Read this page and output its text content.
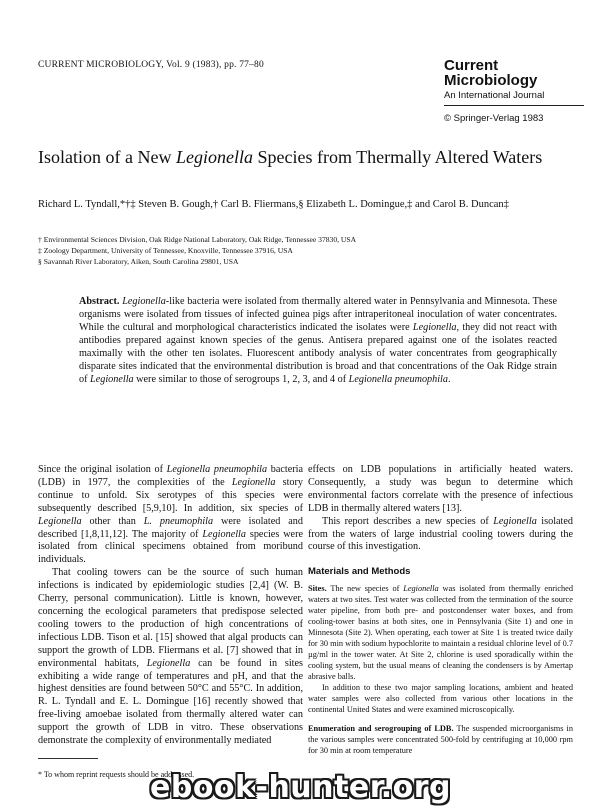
CURRENT MICROBIOLOGY, Vol. 9 (1983), pp. 77–80	Current
Microbiology
An International Journal
© Springer-Verlag 1983
Isolation of a New Legionella Species from Thermally Altered Waters
Richard L. Tyndall,*†‡ Steven B. Gough,† Carl B. Fliermans,§ Elizabeth L. Domingue,‡ and Carol B. Duncan‡
† Environmental Sciences Division, Oak Ridge National Laboratory, Oak Ridge, Tennessee 37830, USA
‡ Zoology Department, University of Tennessee, Knoxville, Tennessee 37916, USA
§ Savannah River Laboratory, Aiken, South Carolina 29801, USA
Abstract. Legionella-like bacteria were isolated from thermally altered water in Pennsylvania and Minnesota. These organisms were isolated from tissues of infected guinea pigs after intraperitoneal inoculation of water concentrates. While the cultural and morphological characteristics indicated the isolates were Legionella, they did not react with antibodies prepared against known species of the genus. Antisera prepared against one of the isolates reacted maximally with the other ten isolates. Fluorescent antibody analysis of water concentrates from geographically disparate sites indicated that the environmental distribution is broad and that concentrations of the Oak Ridge strain of Legionella were similar to those of serogroups 1, 2, 3, and 4 of Legionella pneumophila.

Since the original isolation of Legionella pneumophila bacteria (LDB) in 1977, the complexities of the Legionella story continue to unfold. Six serotypes of this species were subsequently described [5,9,10]. In addition, six species of Legionella other than L. pneumophila were isolated and described [1,8,11,12]. The majority of Legionella species were isolated from clinical specimens obtained from moribund individuals.

That cooling towers can be the source of such human infections is indicated by epidemiologic studies [2,4] (W. B. Cherry, personal communication). Little is known, however, concerning the ecological parameters that predispose selected cooling towers to the production of high concentrations of infectious LDB. Tison et al. [15] showed that algal products can support the growth of LDB. Fliermans et al. [7] showed that in environmental habitats, Legionella can be found in sites exhibiting a wide range of temperatures and pH, and that the highest densities are found between 50°C and 55°C. In addition, R. L. Tyndall and E. L. Domingue [16] recently showed that free-living amoebae isolated from thermally altered water can support the growth of LDB in vitro. These observations demonstrate the complexity of environmentally mediated

effects on LDB populations in artificially heated waters. Consequently, a study was begun to determine which environmental factors correlate with the presence of infectious LDB in thermally altered waters [13].

This report describes a new species of Legionella isolated from the waters of large industrial cooling towers during the course of this investigation.

Materials and Methods

Sites. The new species of Legionella was isolated from thermally enriched waters at two sites. Test water was collected from the termination of the source water pipeline, from both pre- and postcondenser water boxes, and from cooling-tower basins at both sites, one in Pennsylvania (Site 1) and one in Minnesota (Site 2). When operating, each tower at Site 1 is treated twice daily for 30 min with sodium hypochlorite to maintain a residual chlorine level of 0.7 µg/ml in the tower water. At Site 2, chlorine is used sporadically within the cooling system, but the usual means of cleaning the condensers is by Amertap abrasive balls.

In addition to these two major sampling locations, ambient and heated water samples were also collected from various other locations in the continental United States and were examined microscopically.

Enumeration and serogrouping of LDB. The suspended microorganisms in the various samples were concentrated 500-fold by centrifuging at 10,000 rpm for 30 min at room temperature

* To whom reprint requests should be addressed.
ebook-hunter.org
